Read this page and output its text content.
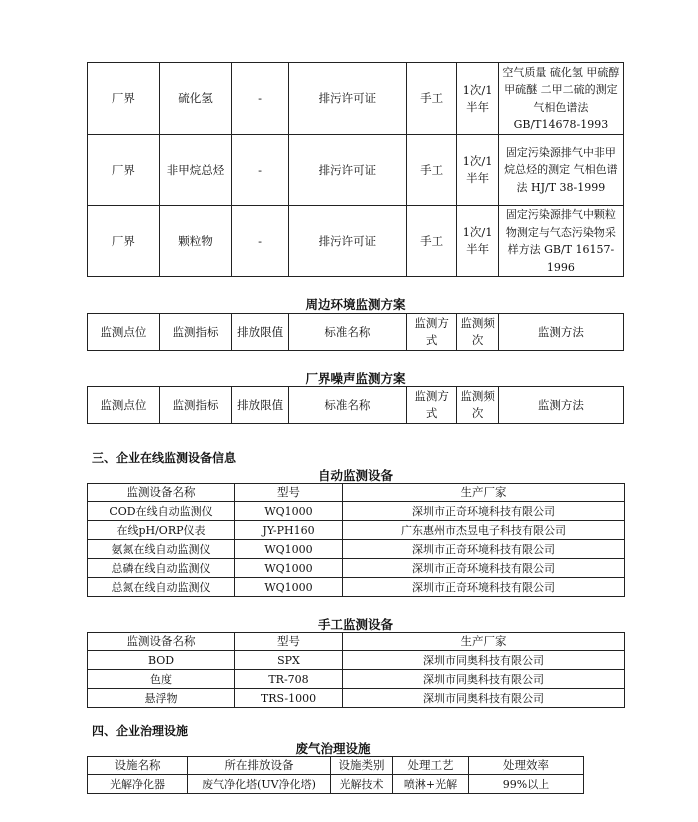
厂界	硫化氢	-	排污许可证	手工	1次/1半年	空气质量 硫化氢 甲硫醇 甲硫醚 二甲二硫的测定气相色谱法 GB/T14678-1993
厂界	非甲烷总烃	-	排污许可证	手工	1次/1半年	固定污染源排气中非甲烷总烃的测定 气相色谱法 HJ/T 38-1999
厂界	颗粒物	-	排污许可证	手工	1次/1半年	固定污染源排气中颗粒物测定与气态污染物采样方法 GB/T 16157-1996
周边环境监测方案
监测点位	监测指标	排放限值	标准名称	监测方式	监测频次	监测方法
厂界噪声监测方案
监测点位	监测指标	排放限值	标准名称	监测方式	监测频次	监测方法
三、企业在线监测设备信息
自动监测设备
监测设备名称	型号	生产厂家
COD在线自动监测仪	WQ1000	深圳市正奇环境科技有限公司
在线pH/ORP仪表	JY-PH160	广东惠州市杰昱电子科技有限公司
氨氮在线自动监测仪	WQ1000	深圳市正奇环境科技有限公司
总磷在线自动监测仪	WQ1000	深圳市正奇环境科技有限公司
总氮在线自动监测仪	WQ1000	深圳市正奇环境科技有限公司
手工监测设备
监测设备名称	型号	生产厂家
BOD	SPX	深圳市同奥科技有限公司
色度	TR-708	深圳市同奥科技有限公司
悬浮物	TRS-1000	深圳市同奥科技有限公司
四、企业治理设施
废气治理设施
设施名称	所在排放设备	设施类别	处理工艺	处理效率
光解净化器	废气净化塔(UV净化塔)	光解技术	喷淋+光解	99%以上
